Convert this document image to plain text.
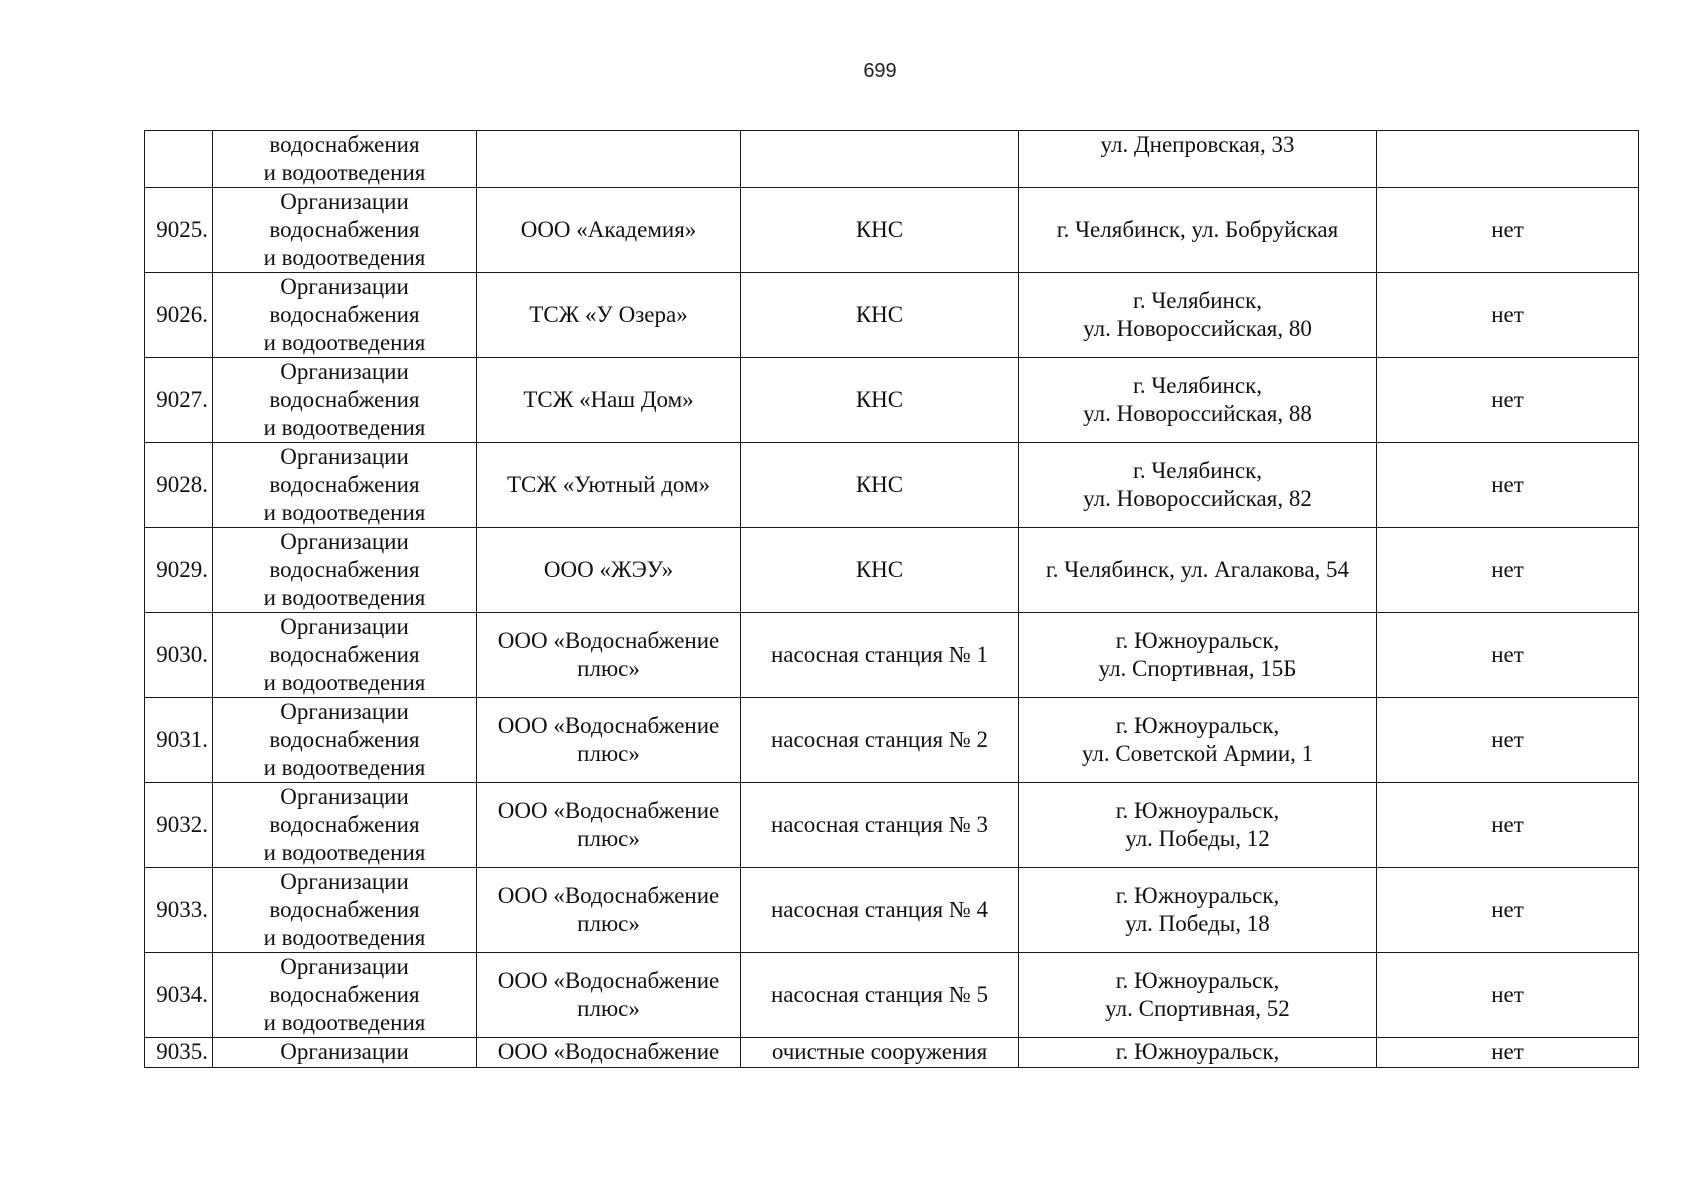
699

	водоснабжения
и водоотведения			ул. Днепровская, 33	

9025.	Организации
водоснабжения
и водоотведения	ООО «Академия»	КНС	г. Челябинск, ул. Бобруйская	нет
9026.	Организации
водоснабжения
и водоотведения	ТСЖ «У Озера»	КНС	г. Челябинск,
ул. Новороссийская, 80	нет
9027.	Организации
водоснабжения
и водоотведения	ТСЖ «Наш Дом»	КНС	г. Челябинск,
ул. Новороссийская, 88	нет
9028.	Организации
водоснабжения
и водоотведения	ТСЖ «Уютный дом»	КНС	г. Челябинск,
ул. Новороссийская, 82	нет
9029.	Организации
водоснабжения
и водоотведения	ООО «ЖЭУ»	КНС	г. Челябинск, ул. Агалакова, 54	нет
9030.	Организации
водоснабжения
и водоотведения	ООО «Водоснабжение
плюс»	насосная станция № 1	г. Южноуральск,
ул. Спортивная, 15Б	нет
9031.	Организации
водоснабжения
и водоотведения	ООО «Водоснабжение
плюс»	насосная станция № 2	г. Южноуральск,
ул. Советской Армии, 1	нет
9032.	Организации
водоснабжения
и водоотведения	ООО «Водоснабжение
плюс»	насосная станция № 3	г. Южноуральск,
ул. Победы, 12	нет
9033.	Организации
водоснабжения
и водоотведения	ООО «Водоснабжение
плюс»	насосная станция № 4	г. Южноуральск,
ул. Победы, 18	нет
9034.	Организации
водоснабжения
и водоотведения	ООО «Водоснабжение
плюс»	насосная станция № 5	г. Южноуральск,
ул. Спортивная, 52	нет
9035.	Организации	ООО «Водоснабжение	очистные сооружения	г. Южноуральск,	нет
